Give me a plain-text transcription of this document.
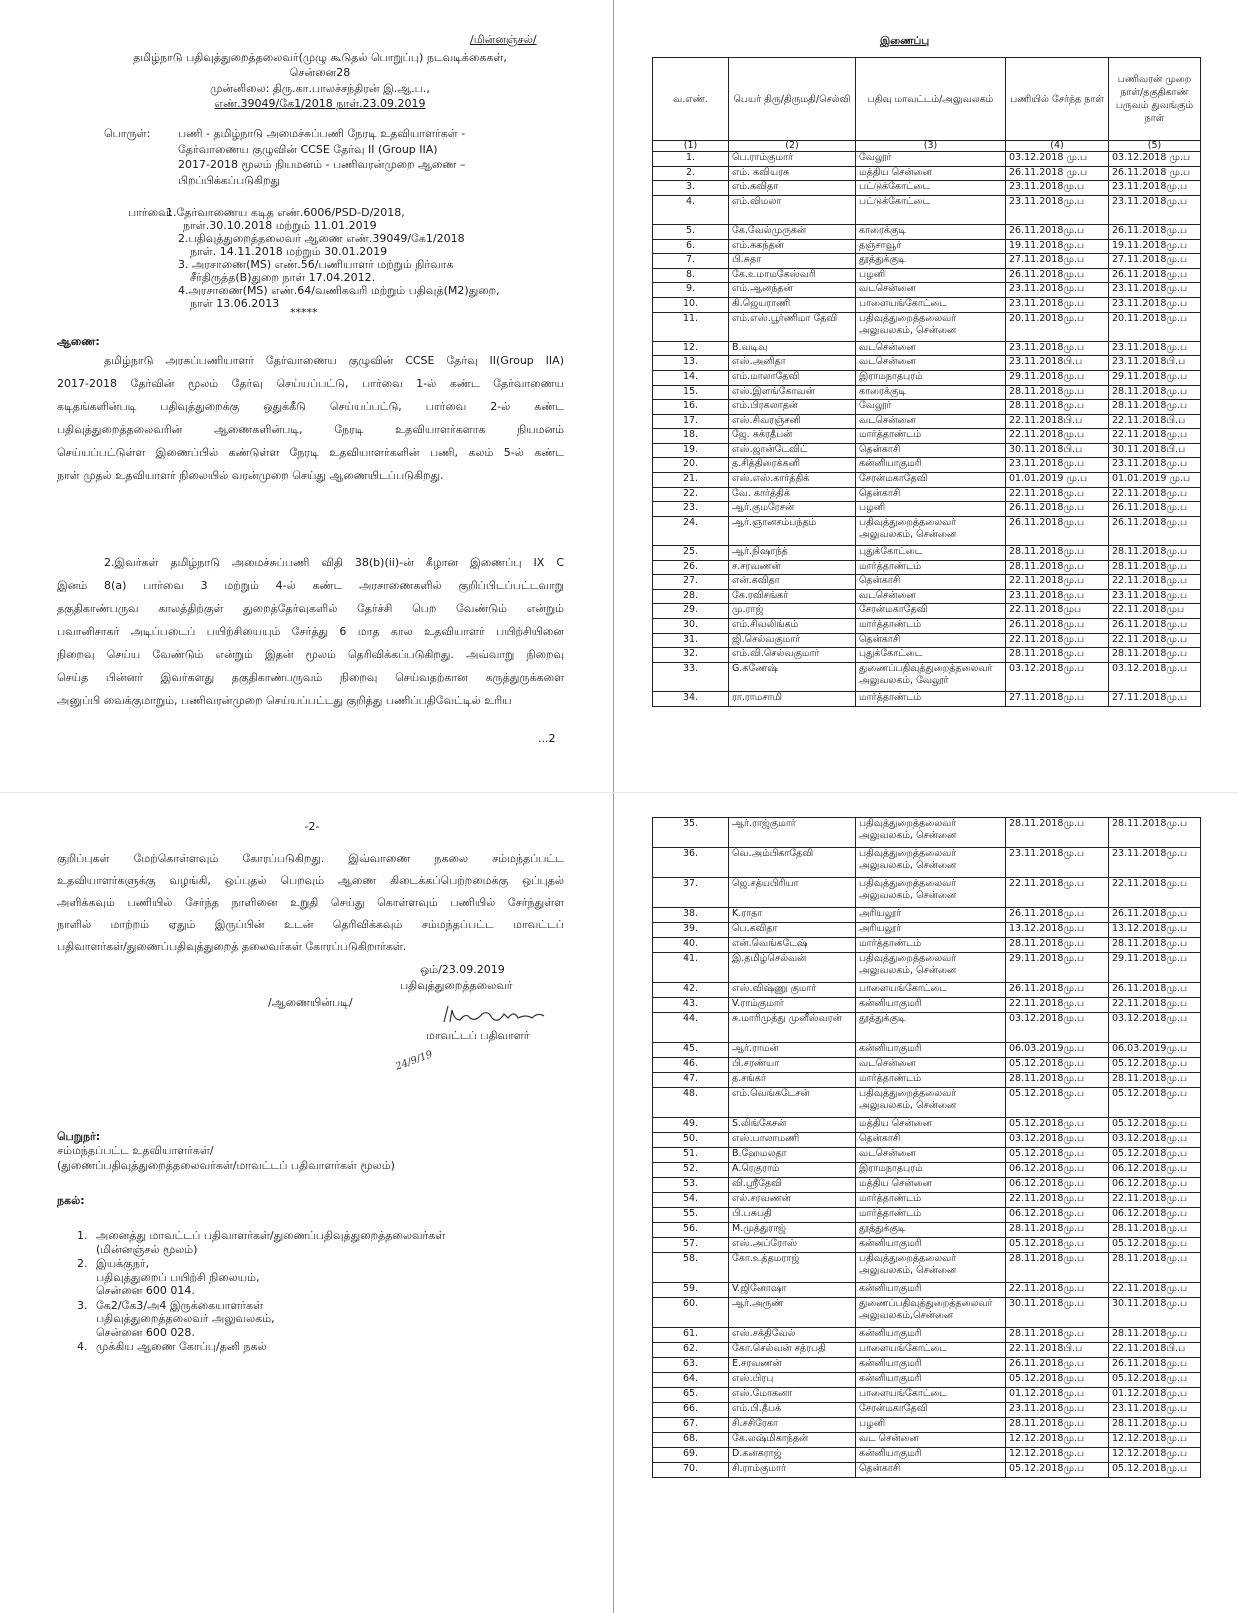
/மின்னஞ்சல்/
தமிழ்நாடு பதிவுத்துறைத்தலைவர்(முழு கூடுதல் பொறுப்பு) நடவடிக்கைகள்,
சென்னை28
முன்னிலை: திரு.கா.பாலச்சந்திரன் இ.ஆ.ப.,
எண்.39049/கே1/2018 நாள்.23.09.2019
பொருள்:	பணி - தமிழ்நாடு அமைச்சுப்பணி நேரடி உதவியாளர்கள் -
தேர்வாணைய குழுவின் CCSE தேர்வு II (Group IIA)
2017-2018 மூலம் நியமனம் - பணிவரன்முறை ஆணை –
பிறப்பிக்கப்படுகிறது
பார்வை:
1.தேர்வாணைய கடித எண்.6006/PSD-D/2018,
நாள்.30.10.2018 மற்றும் 11.01.2019
2.பதிவுத்துறைத்தலைவர் ஆணை எண்.39049/கே1/2018
நாள். 14.11.2018 மற்றும் 30.01.2019
3. அரசாணை(MS) எண்.56/பணியாளர் மற்றும் நிர்வாக
சீர்திருத்த(B)துறை நாள் 17.04.2012.
4.அரசாணை(MS) எண்.64/வணிகவரி மற்றும் பதிவுத்(M2)துறை,
நாள் 13.06.2013
*****
ஆணை:
தமிழ்நாடு அரசுப்பணியாளர் தேர்வாணைய குழுவின் CCSE தேர்வு II(Group IIA)
2017-2018 தேர்வின் மூலம் தேர்வு செய்யப்பட்டு, பார்வை 1-ல் கண்ட தேர்வாணைய
கடிதங்களின்படி பதிவுத்துறைக்கு ஒதுக்கீடு செய்யப்பட்டு, பார்வை 2-ல் கண்ட
பதிவுத்துறைத்தலைவரின் ஆணைகளின்படி, நேரடி உதவியாளர்களாக நியமனம்
செய்யப்பட்டுள்ள இணைப்பில் கண்டுள்ள நேரடி உதவியாளர்களின் பணி, கலம் 5-ல் கண்ட
நாள் முதல் உதவியாளர் நிலையில் வரன்முறை செய்து ஆணையிடப்படுகிறது.
2.இவர்கள் தமிழ்நாடு அமைச்சுப்பணி விதி 38(b)(ii)-ன் கீழான இணைப்பு IX C
இனம் 8(a) பார்வை 3 மற்றும் 4-ல் கண்ட அரசாணைகளில் குறிப்பிடப்பட்டவாறு
தகுதிகாண்பருவ காலத்திற்குள் துறைத்தேர்வுகளில் தேர்ச்சி பெற வேண்டும் என்றும்
பவானிசாகர் அடிப்படைப் பயிற்சியையும் சேர்த்து 6 மாத கால உதவியாளர் பயிற்சியினை
நிறைவு செய்ய வேண்டும் என்றும் இதன் மூலம் தெரிவிக்கப்படுகிறது. அவ்வாறு நிறைவு
செய்த பின்னர் இவர்களது தகுதிகாண்பருவம் நிறைவு செய்வதற்கான கருத்துருக்களை
அனுப்பி வைக்குமாறும், பணிவரன்முறை செய்யப்பட்டது குறித்து பணிப்பதிவேட்டில் உரிய
...2
-2-
குறிப்புகள் மேற்கொள்ளவும் கோரப்படுகிறது. இவ்வாணை நகலை சம்மந்தப்பட்ட
உதவியாளர்களுக்கு வழங்கி, ஒப்புதல் பெறவும் ஆணை கிடைக்கப்பெற்றமைக்கு ஒப்புதல்
அளிக்கவும் பணியில் சேர்ந்த நாளினை உறுதி செய்து கொள்ளவும் பணியில் சேர்ந்துள்ள
நாளில் மாற்றம் ஏதும் இருப்பின் உடன் தெரிவிக்கவும் சம்மந்தப்பட்ட மாவட்டப்
பதிவாளர்கள்/துணைப்பதிவுத்துறைத் தலைவர்கள் கோரப்படுகிறார்கள்.
ஒம்/23.09.2019
பதிவுத்துறைத்தலைவர்
/ஆணையின்படி/
மாவட்டப் பதிவாளர்
24/9/19
பெறுநர்:
சம்மந்தப்பட்ட உதவியாளர்கள்/
(துணைப்பதிவுத்துறைத்தலைவர்கள்/மாவட்டப் பதிவாளர்கள் மூலம்)
நகல்:
1. அனைத்து மாவட்டப் பதிவாளர்கள்/துணைப்பதிவுத்துறைத்தலைவர்கள்
(மின்னஞ்சல் மூலம்)
2. இயக்குநர்,
பதிவுத்துறைப் பயிற்சி நிலையம்,
சென்னை 600 014.
3. கே2/கே3/அ4 இருக்கையாளர்கள்
பதிவுத்துறைத்தலைவர் அலுவலகம்,
சென்னை 600 028.
4. முக்கிய ஆணை கோப்பு/தனி நகல்
இணைப்பு
வ.எண்.	பெயர் திரு/திருமதி/செல்வி	பதிவு மாவட்டம்/அலுவலகம்	பணியில் சேர்ந்த நாள்	பணிவரன் முறை நாள்/தகுதிகாண் பருவம் துவங்கும் நாள்
(1)	(2)	(3)	(4)	(5)
1.	பெ.ராம்குமார்	வேலூர்	03.12.2018 மு.ப	03.12.2018 மு.ப
2.	எம். கவியரசு	மத்திய சென்னை	26.11.2018 மு.ப	26.11.2018 மு.ப
3.	எம்.கவிதா	பட்டுக்கோட்டை	23.11.2018மு.ப	23.11.2018மு.ப
4.	எம்.விமலா	பட்டுக்கோட்டை	23.11.2018மு.ப	23.11.2018மு.ப
5.	கே.வேல்முருகன்	காரைக்குடி	26.11.2018மு.ப	26.11.2018மு.ப
6.	எம்.சுகந்தன்	தஞ்சாவூர்	19.11.2018மு.ப	19.11.2018மு.ப
7.	பி.சுதா	தூத்துக்குடி	27.11.2018மு.ப	27.11.2018மு.ப
8.	கே.உமாமகேஸ்வரி	பழனி	26.11.2018மு.ப	26.11.2018மு.ப
9.	எம்.ஆனந்தன்	வடசென்னை	23.11.2018மு.ப	23.11.2018மு.ப
10.	கி.ஜெயராணி	பாளையங்கோட்டை	23.11.2018மு.ப	23.11.2018மு.ப
11.	எம்.எஸ்.பூர்ணிமா தேவி	பதிவுத்துறைத்தலைவர் அலுவலகம், சென்னை	20.11.2018மு.ப	20.11.2018மு.ப
12.	B.வடிவு	வடசென்னை	23.11.2018மு.ப	23.11.2018மு.ப
13.	எஸ்.அனிதா	வடசென்னை	23.11.2018பி.ப	23.11.2018பி.ப
14.	எம்.மாலாதேவி	இராமநாதபுரம்	29.11.2018மு.ப	29.11.2018மு.ப
15.	எஸ்.இளங்கோவன்	காரைக்குடி	28.11.2018மு.ப	28.11.2018மு.ப
16.	எம்.பிரகலாதன்	வேலூர்	28.11.2018மு.ப	28.11.2018மு.ப
17.	எஸ்.சிவரஞ்சனி	வடசென்னை	22.11.2018பி.ப	22.11.2018பி.ப
18.	ஜே. சுக்ரதீபன்	மார்த்தாண்டம்	22.11.2018மு.ப	22.11.2018மு.ப
19.	எஸ்.ஜான்டேவிட்	தென்காசி	30.11.2018பி.ப	30.11.2018பி.ப
20.	த.சித்திரைக்கனி	கன்னியாகுமரி	23.11.2018மு.ப	23.11.2018மு.ப
21.	எஸ்.எஸ்.கார்த்திக்	சேரன்மகாதேவி	01.01.2019 மு.ப	01.01.2019 மு.ப
22.	வே. கார்த்திக்	தென்காசி	22.11.2018மு.ப	22.11.2018மு.ப
23.	ஆர்.குமரேசன்	பழனி	26.11.2018மு.ப	26.11.2018மு.ப
24.	ஆர்.ஞானசம்பந்தம்	பதிவுத்துறைத்தலைவர் அலுவலகம், சென்னை	26.11.2018மு.ப	26.11.2018மு.ப
25.	ஆர்.நிஷாந்த்	புதுக்கோட்டை	28.11.2018மு.ப	28.11.2018மு.ப
26.	ச.சரவணன்	மார்த்தாண்டம்	28.11.2018மு.ப	28.11.2018மு.ப
27.	என்.கவிதா	தென்காசி	22.11.2018மு.ப	22.11.2018மு.ப
28.	கே.ரவிசங்கர்	வடசென்னை	23.11.2018மு.ப	23.11.2018மு.ப
29.	மு.ராஜ்	சேரன்மகாதேவி	22.11.2018முப	22.11.2018முப
30.	எம்.சிவலிங்கம்	மார்த்தாண்டம்	26.11.2018மு.ப	26.11.2018மு.ப
31.	ஜி.செல்வகுமார்	தென்காசி	22.11.2018மு.ப	22.11.2018மு.ப
32.	எம்.வி.செல்வகுமார்	புதுக்கோட்டை	28.11.2018மு.ப	28.11.2018மு.ப
33.	G.கணேஷ்	துணைப்பதிவுத்துறைத்தலைவர் அலுவலகம், வேலூர்	03.12.2018மு.ப	03.12.2018மு.ப
34.	ரா.ராமசாமி	மார்த்தாண்டம்	27.11.2018மு.ப	27.11.2018மு.ப
35.	ஆர்.ராஜ்குமார்	பதிவுத்துறைத்தலைவர் அலுவலகம், சென்னை	28.11.2018மு.ப	28.11.2018மு.ப
36.	வெ.அம்பிகாதேவி	பதிவுத்துறைத்தலைவர் அலுவலகம், சென்னை	23.11.2018மு.ப	23.11.2018மு.ப
37.	ஜெ.சத்யபிரியா	பதிவுத்துறைத்தலைவர் அலுவலகம், சென்னை	22.11.2018மு.ப	22.11.2018மு.ப
38.	K.ராதா	அரியலூர்	26.11.2018மு.ப	26.11.2018மு.ப
39.	பெ.கவிதா	அரியலூர்	13.12.2018மு.ப	13.12.2018மு.ப
40.	என்.வெங்கடேஷ்	மார்த்தாண்டம்	28.11.2018மு.ப	28.11.2018மு.ப
41.	இ.தமிழ்செல்வன்	பதிவுத்துறைத்தலைவர் அலுவலகம், சென்னை	29.11.2018மு.ப	29.11.2018மு.ப
42.	எஸ்.விஷ்ணு குமார்	பாளையங்கோட்டை	26.11.2018மு.ப	26.11.2018மு.ப
43.	V.ராம்குமார்	கன்னியாகுமரி	22.11.2018மு.ப	22.11.2018மு.ப
44.	சு.மாரிமுத்து முனீஸ்வரன்	தூத்துக்குடி	03.12.2018மு.ப	03.12.2018மு.ப
45.	ஆர்.ராமன்	கன்னியாகுமரி	06.03.2019மு.ப	06.03.2019மு.ப
46.	பி.சரண்யா	வடசென்னை	05.12.2018மு.ப	05.12.2018மு.ப
47.	த.சங்கர்	மார்த்தாண்டம்	28.11.2018மு.ப	28.11.2018மு.ப
48.	எம்.வெங்கடேசன்	பதிவுத்துறைத்தலைவர் அலுவலகம், சென்னை	05.12.2018மு.ப	05.12.2018மு.ப
49.	S.லிங்கேசன்	மத்திய சென்னை	05.12.2018மு.ப	05.12.2018மு.ப
50.	எஸ்.பாலாமணி	தென்காசி	03.12.2018மு.ப	03.12.2018மு.ப
51.	B.ஹேமலதா	வடசென்னை	05.12.2018மு.ப	05.12.2018மு.ப
52.	A.ரெகுராம்	இராமநாதபுரம்	06.12.2018மு.ப	06.12.2018மு.ப
53.	வி.ஸ்ரீதேவி	மத்திய சென்னை	06.12.2018மு.ப	06.12.2018மு.ப
54.	எல்.சரவணன்	மார்த்தாண்டம்	22.11.2018மு.ப	22.11.2018மு.ப
55.	பி.பசுபதி	மார்த்தாண்டம்	06.12.2018மு.ப	06.12.2018மு.ப
56.	M.முத்துராஜ்	தூத்துக்குடி	28.11.2018மு.ப	28.11.2018மு.ப
57.	எஸ்.அப்ரோஸ்	கன்னியாகுமரி	05.12.2018மு.ப	05.12.2018மு.ப
58.	கோ.உத்தமராஜ்	பதிவுத்துறைத்தலைவர் அலுவலகம், சென்னை	28.11.2018மு.ப	28.11.2018மு.ப
59.	V.ஜினோஷா	கன்னியாகுமரி	22.11.2018மு.ப	22.11.2018மு.ப
60.	ஆர்.அருண்	துணைப்பதிவுத்துறைத்தலைவர் அலுவலகம்,சென்னை	30.11.2018மு.ப	30.11.2018மு.ப
61.	எஸ்.சக்திவேல்	கன்னியாகுமரி	28.11.2018மு.ப	28.11.2018மு.ப
62.	கோ.செல்வன் சத்ரபதி	பாளையங்கோட்டை	22.11.2018பி.ப	22.11.2018பி.ப
63.	E.சரவணன்	கன்னியாகுமரி	26.11.2018மு.ப	26.11.2018மு.ப
64.	எஸ்.பிரபு	கன்னியாகுமரி	05.12.2018மு.ப	05.12.2018மு.ப
65.	எஸ்.மோகனா	பாளையங்கோட்டை	01.12.2018மு.ப	01.12.2018மு.ப
66.	எம்.பி.தீபக்	சேரன்மகாதேவி	23.11.2018மு.ப	23.11.2018மு.ப
67.	சி.சசிரேகா	பழனி	28.11.2018மு.ப	28.11.2018மு.ப
68.	கே.லஷ்மிகாந்தன்	வட சென்னை	12.12.2018மு.ப	12.12.2018மு.ப
69.	D.கனகராஜ்	கன்னியாகுமரி	12.12.2018மு.ப	12.12.2018மு.ப
70.	சி.ராம்குமார்	தென்காசி	05.12.2018மு.ப	05.12.2018மு.ப
